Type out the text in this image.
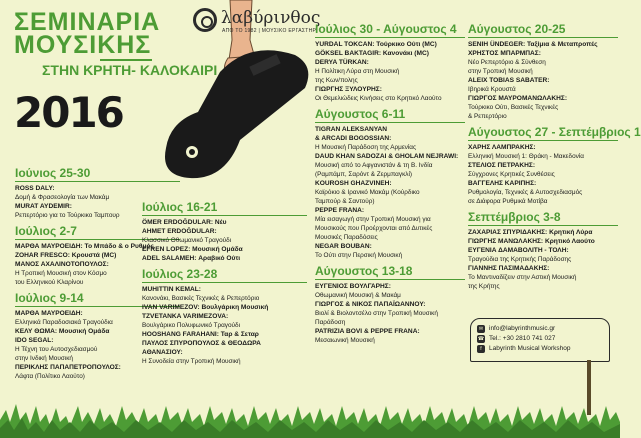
ΣΕΜΙΝΑΡΙΑ
ΜΟΥΣΙΚΗΣ
ΣΤΗΝ ΚΡΗΤΗ- ΚΑΛΟΚΑΙΡΙ
2016
λαβύρινθος
ΑΠΟ ΤΟ 1982 | ΜΟΥΣΙΚΟ ΕΡΓΑΣΤΗΡΙ
Ιούνιος 25-30
ROSS DALY:
Δομή & Φρασεολογία των Μακάμ
MURAT AYDEMIR:
Ρεπερτόριο για το Τούρκικο Ταμπουρ
Ιούλιος 2-7
ΜΑΡΘΑ ΜΑΥΡΟΕΙΔΗ: Το Μπάδο & ο Ρυθμός
ZOHAR FRESCO: Κρουστά (ΜC)
ΜΑΝΟΣ ΑΧΑΛΙΝΟΤΟΠΟΥΛΟΣ:
Η Τροπική Μουσική στον Κόσμο
του Ελληνικού Κλαρίνου
Ιούλιος 9-14
ΜΑΡΘΑ ΜΑΥΡΟΕΙΔΗ:
Ελληνικά Παραδοσιακά Τραγούδια
ΚΕΛΥ ΘΩΜΑ: Μουσική Ομάδα
IDO SEGAL:
Η Τέχνη του Αυτοσχεδιασμού
στην Ινδική Μουσική
ΠΕΡΙΚΛΗΣ ΠΑΠΑΠΕΤΡΟΠΟΥΛΟΣ:
Λάφτα (Πολίτικο Λαούτο)
Ιούλιος 16-21
ÖMER ERDOĞDULAR: Νέυ
AHMET ERDOĞDULAR:
Κλασσικό Θθωμανικό Τραγούδι
EFREN LOPEZ: Μουσική Ομάδα
ADEL SALAMEH: Αραβικό Ούτι
Ιούλιος 23-28
MUHITTIN KEMAL:
Κανονάκι, Βασικές Τεχνικές & Ρεπερτόριο
IVAN VARIMEZOV: Βουλγάρικη Μουσική
TZVETANKA VARIMEZOVA:
Βουλγάρικο Πολυφωνικό Τραγούδι
HOOSHANG FARAHANI: Ταρ & Σεταρ
ΠΑΥΛΟΣ ΣΠΥΡΟΠΟΥΛΟΣ & ΘΕΟΔΩΡΑ
ΑΘΑΝΑΣΙΟΥ:
Η Συνοδεία στην Τροπική Μουσική
Ιούλιος 30 - Αύγουστος 4
YURDAL TOKCAN: Τούρκικο Ούτι (MC)
GÖKSEL BAKTAGIR: Κανονάκι (ΜC)
DERYA TÜRKAN:
Η Πολίτικη Λύρα στη Μουσική
της Κων/πολης
ΓΙΩΡΓΗΣ ΞΥΛΟΥΡΗΣ:
Οι Θεμελιώδεις Κινήσεις στο Κρητικό Λαούτο
Αύγουστος 6-11
TIGRAN ALEKSANYAN
& ARCADI BOGOSSIAN:
Η Μουσική Παράδοση της Αρμενίας
DAUD KHAN SADOZAI & GHOLAM NEJRAWI:
Μουσική από το Αφγανιστάν & τη Β. Ινδία
(Ραμπάμπ, Σαρόντ & Ζερμπαγκλί)
KOUROSH GHAZVINEH:
Καϊρόκιο & Ιρανικό Μακάμ (Κούρδικο
Ταμπούρ & Σαντούρ)
PEPPE FRANA:
Μία εισαγωγή στην Τροπική Μουσική για
Μουσικούς που Προέρχονται από Δυτικές
Μουσικές Παραδόσεις
NEGAR BOUBAN:
Το Ούτι στην Περσική Μουσική
Αύγουστος 13-18
ΕΥΓΕΝΙΟΣ ΒΟΥΛΓΑΡΗΣ:
Οθωμανική Μουσική & Μακάμ
ΓΙΩΡΓΟΣ & ΝΙΚΟΣ ΠΑΠΑΪΩΑΝΝΟΥ:
Βιολί & Βιολοντσέλο στην Τροπική Μουσική
Παράδοση
PATRIZIA BOVI & PEPPE FRANA:
Μεσαιωνική Μουσική
Αύγουστος 20-25
SENIH ÜNDEGER: Ταξίμια & Μεταπροπές
ΧΡΗΣΤΟΣ ΜΠΑΡΜΠΑΣ:
Νέο Ρεπερτόριο & Σύνθεση
στην Τροπική Μουσική
ALEIX TOBIAS SABATER:
Ιβηρικά Κρουστά
ΓΙΩΡΓΟΣ ΜΑΥΡΟΜΑΝΩΛΑΚΗΣ:
Τούρκικο Ούτι, Βασικές Τεχνικές
& Ρεπερτόριο
Αύγουστος 27 - Σεπτέμβριος 1
ΧΑΡΗΣ ΛΑΜΠΡΑΚΗΣ:
Ελληνική Μουσική 1: Θράκη - Μακεδονία
ΣΤΕΛΙΟΣ ΠΕΤΡΑΚΗΣ:
Σύγχρονες Κρητικές Συνθέσεις
ΒΑΓΓΕΛΗΣ ΚΑΡΙΠΗΣ:
Ρυθμολογία, Τεχνικές & Αυτοσχεδιασμός
σε Διάφορα Ρυθμικά Μοτίβα
Σεπτέμβριος 3-8
ΖΑΧΑΡΙΑΣ ΣΠΥΡΙΔΑΚΗΣ: Κρητική Λύρα
ΓΙΩΡΓΗΣ ΜΑΝΩΛΑΚΗΣ: Κρητικό Λαούτο
ΕΥΓΕΝΙΑ ΔΑΜΑΒΟΛΙΤΗ - ΤΟΛΗ:
Τραγούδια της Κρητικής Παράδοσης
ΓΙΑΝΝΗΣ ΠΑΣΙΜΑΔΑΚΗΣ:
Το Μαντιναδίζειν στην Αστική Μουσική
της Κρήτης
✉ info@labyrinthmusic.gr
☎ Tel.: +30 2810 741 027
f	Labyrinth Musical Workshop
